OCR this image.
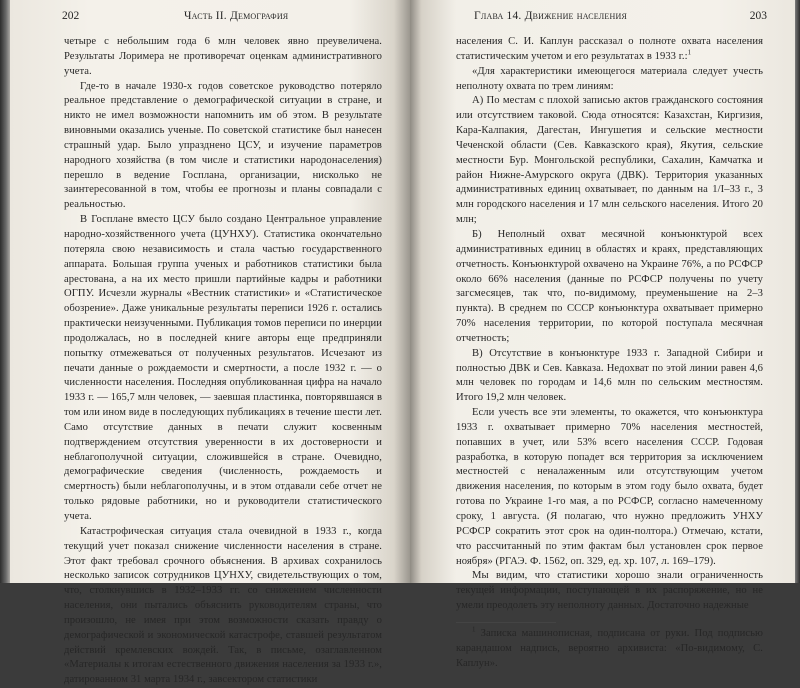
202	Часть II. Демография

четыре с небольшим года 6 млн человек явно преувеличена. Результаты Лоримера не противоречат оценкам административного учета.

Где-то в начале 1930-х годов советское руководство потеряло реальное представление о демографической ситуации в стране, и никто не имел возможности напомнить им об этом. В результате виновными оказались ученые. По советской статистике был нанесен страшный удар. Было упразднено ЦСУ, и изучение параметров народного хозяйства (в том числе и статистики народонаселения) перешло в ведение Госплана, организации, нисколько не заинтересованной в том, чтобы ее прогнозы и планы совпадали с реальностью.

В Госплане вместо ЦСУ было создано Центральное управление народно-хозяйственного учета (ЦУНХУ). Статистика окончательно потеряла свою независимость и стала частью государственного аппарата. Большая группа ученых и работников статистики была арестована, а на их место пришли партийные кадры и работники ОГПУ. Исчезли журналы «Вестник статистики» и «Статистическое обозрение». Даже уникальные результаты переписи 1926 г. остались практически неизученными. Публикация томов переписи по инерции продолжалась, но в последней книге авторы еще предприняли попытку отмежеваться от полученных результатов. Исчезают из печати данные о рождаемости и смертности, а после 1932 г. — о численности населения. Последняя опубликованная цифра на начало 1933 г. — 165,7 млн человек, — заевшая пластинка, повторявшаяся в том или ином виде в последующих публикациях в течение шести лет. Само отсутствие данных в печати служит косвенным подтверждением отсутствия уверенности в их достоверности и неблагополучной ситуации, сложившейся в стране. Очевидно, демографические сведения (численность, рождаемость и смертность) были неблагополучны, и в этом отдавали себе отчет не только рядовые работники, но и руководители статистического учета.

Катастрофическая ситуация стала очевидной в 1933 г., когда текущий учет показал снижение численности населения в стране. Этот факт требовал срочного объяснения. В архивах сохранилось несколько записок сотрудников ЦУНХУ, свидетельствующих о том, что, столкнувшись в 1932–1933 гг. со снижением численности населения, они пытались объяснить руководителям страны, что произошло, не имея при этом возможности сказать правду о демографической и экономической катастрофе, ставшей результатом действий кремлевских вождей. Так, в письме, озаглавленном «Материалы к итогам естественного движения населения за 1933 г.», датированном 31 марта 1934 г., завсектором статистики

Глава 14. Движение населения	203

населения С. И. Каплун рассказал о полноте охвата населения статистическим учетом и его результатах в 1933 г.:$^1$

«Для характеристики имеющегося материала следует учесть неполноту охвата по трем линиям:

А) По местам с плохой записью актов гражданского состояния или отсутствием таковой. Сюда относятся: Казахстан, Киргизия, Кара-Калпакия, Дагестан, Ингушетия и сельские местности Чеченской области (Сев. Кавказского края), Якутия, сельские местности Бур. Монгольской республики, Сахалин, Камчатка и район Нижне-Амурского округа (ДВК). Территория указанных административных единиц охватывает, по данным на 1/I–33 г., 3 млн городского населения и 17 млн сельского населения. Итого 20 млн;

Б) Неполный охват месячной конъюнктурой всех административных единиц в областях и краях, представляющих отчетность. Конъюнктурой охвачено на Украине 76%, а по РСФСР около 66% населения (данные по РСФСР получены по учету загсмесяцев, так что, по-видимому, преуменьшение на 2–3 пункта). В среднем по СССР конъюнктура охватывает примерно 70% населения территории, по которой поступала месячная отчетность;

В) Отсутствие в конъюнктуре 1933 г. Западной Сибири и полностью ДВК и Сев. Кавказа. Недохват по этой линии равен 4,6 млн человек по городам и 14,6 млн по сельским местностям. Итого 19,2 млн человек.

Если учесть все эти элементы, то окажется, что конъюнктура 1933 г. охватывает примерно 70% населения местностей, попавших в учет, или 53% всего населения СССР. Годовая разработка, в которую попадет вся территория за исключением местностей с неналаженным или отсутствующим учетом движения населения, по которым в этом году было охвата, будет готова по Украине 1-го мая, а по РСФСР, согласно намеченному сроку, 1 августа. (Я полагаю, что нужно предложить УНХУ РСФСР сократить этот срок на один-полтора.) Отмечаю, кстати, что рассчитанный по этим фактам был установлен срок первое ноября» (РГАЭ. Ф. 1562, оп. 329, ед. хр. 107, л. 169–179).

Мы видим, что статистики хорошо знали ограниченность текущей информации, поступающей в их распоряжение, но не умели преодолеть эту неполноту данных. Достаточно надежные

$^1$ Записка машинописная, подписана от руки. Под подписью карандашом надпись, вероятно архивиста: «По-видимому, С. Каплун».
